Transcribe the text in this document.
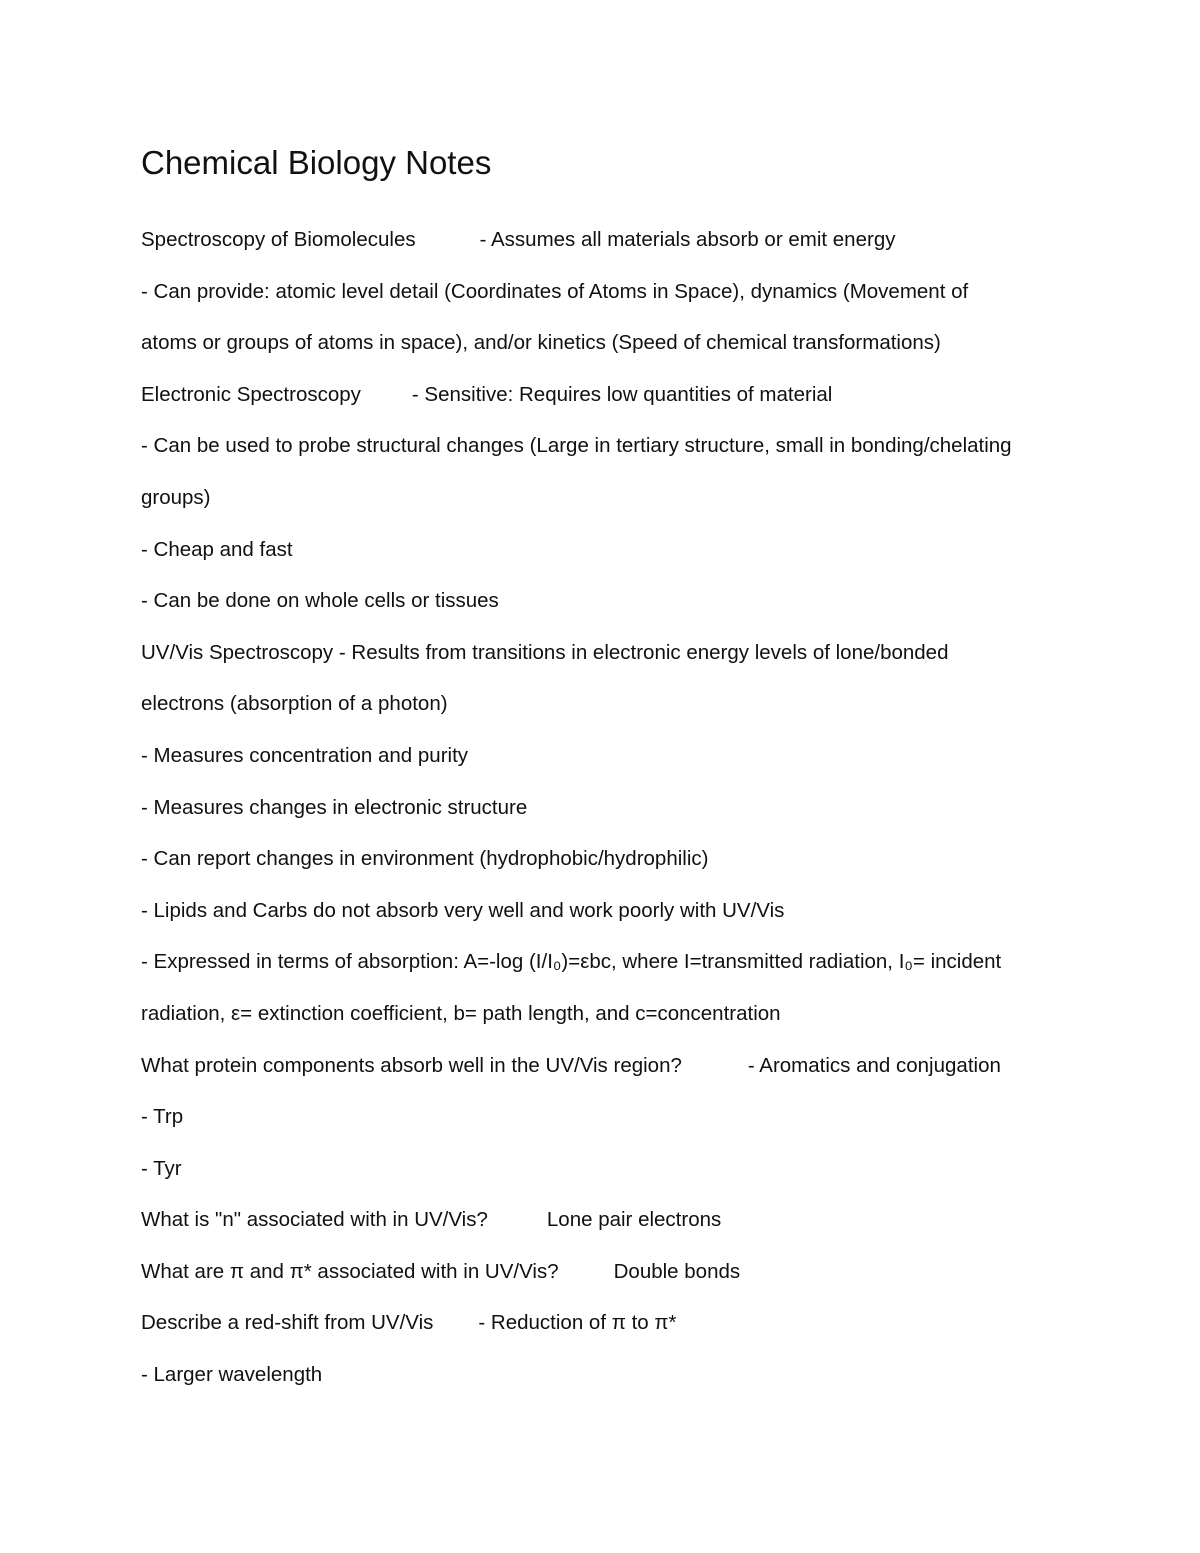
Chemical Biology Notes
Spectroscopy of Biomolecules	- Assumes all materials absorb or emit energy
- Can provide: atomic level detail (Coordinates of Atoms in Space), dynamics (Movement of
atoms or groups of atoms in space), and/or kinetics (Speed of chemical transformations)
Electronic Spectroscopy - Sensitive: Requires low quantities of material
- Can be used to probe structural changes (Large in tertiary structure, small in bonding/chelating
groups)
- Cheap and fast
- Can be done on whole cells or tissues
UV/Vis Spectroscopy - Results from transitions in electronic energy levels of lone/bonded
electrons (absorption of a photon)
- Measures concentration and purity
- Measures changes in electronic structure
- Can report changes in environment (hydrophobic/hydrophilic)
- Lipids and Carbs do not absorb very well and work poorly with UV/Vis
- Expressed in terms of absorption: A=-log (I/I₀)=εbc, where I=transmitted radiation, I₀= incident
radiation, ε= extinction coefficient, b= path length, and c=concentration
What protein components absorb well in the UV/Vis region?	- Aromatics and conjugation
- Trp
- Tyr
What is "n" associated with in UV/Vis?	Lone pair electrons
What are π and π* associated with in UV/Vis?	Double bonds
Describe a red-shift from UV/Vis - Reduction of π to π*
- Larger wavelength
